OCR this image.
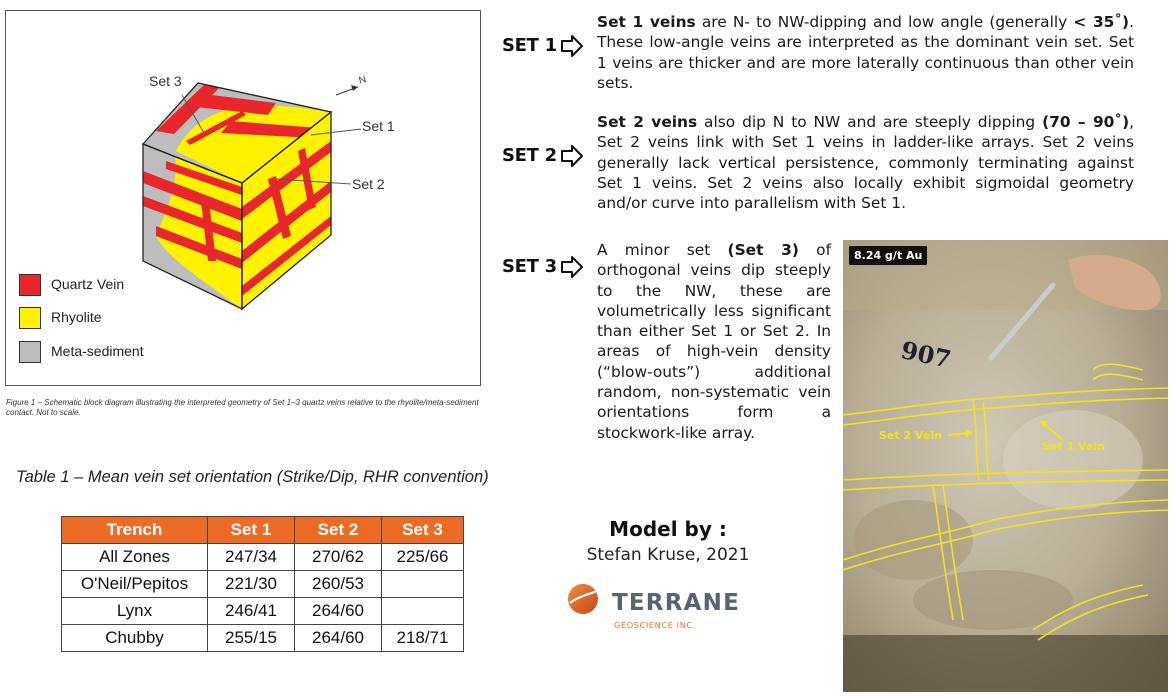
Set 3
Set 1
Set 2
N
Quartz Vein
Rhyolite
Meta-sediment
Figure 1 – Schematic block diagram illustrating the interpreted geometry of Set 1–3 quartz veins relative to the rhyolite/meta-sediment contact. Not to scale.
Table 1 – Mean vein set orientation (Strike/Dip, RHR convention)
Trench	Set 1	Set 2	Set 3
All Zones	247/34	270/62	225/66
O'Neil/Pepitos	221/30	260/53	
Lynx	246/41	264/60	
Chubby	255/15	264/60	218/71
SET 1
SET 2
SET 3
Set 1 veins are N- to NW-dipping and low angle (generally < 35˚). These low-angle veins are interpreted as the dominant vein set. Set 1 veins are thicker and are more laterally continuous than other vein sets.
Set 2 veins also dip N to NW and are steeply dipping (70 – 90˚), Set 2 veins link with Set 1 veins in ladder-like arrays. Set 2 veins generally lack vertical persistence, commonly terminating against Set 1 veins. Set 2 veins also locally exhibit sigmoidal geometry and/or curve into parallelism with Set 1.
A minor set (Set 3) of orthogonal veins dip steeply to the NW, these are volumetrically less significant than either Set 1 or Set 2. In areas of high-vein density (“blow-outs”) additional random, non-systematic vein orientations form a stockwork-like array.
Model by :
Stefan Kruse, 2021
TERRANE
GEOSCIENCE INC.
907
8.24 g/t Au
Set 2 Vein
Set 1 Vein
